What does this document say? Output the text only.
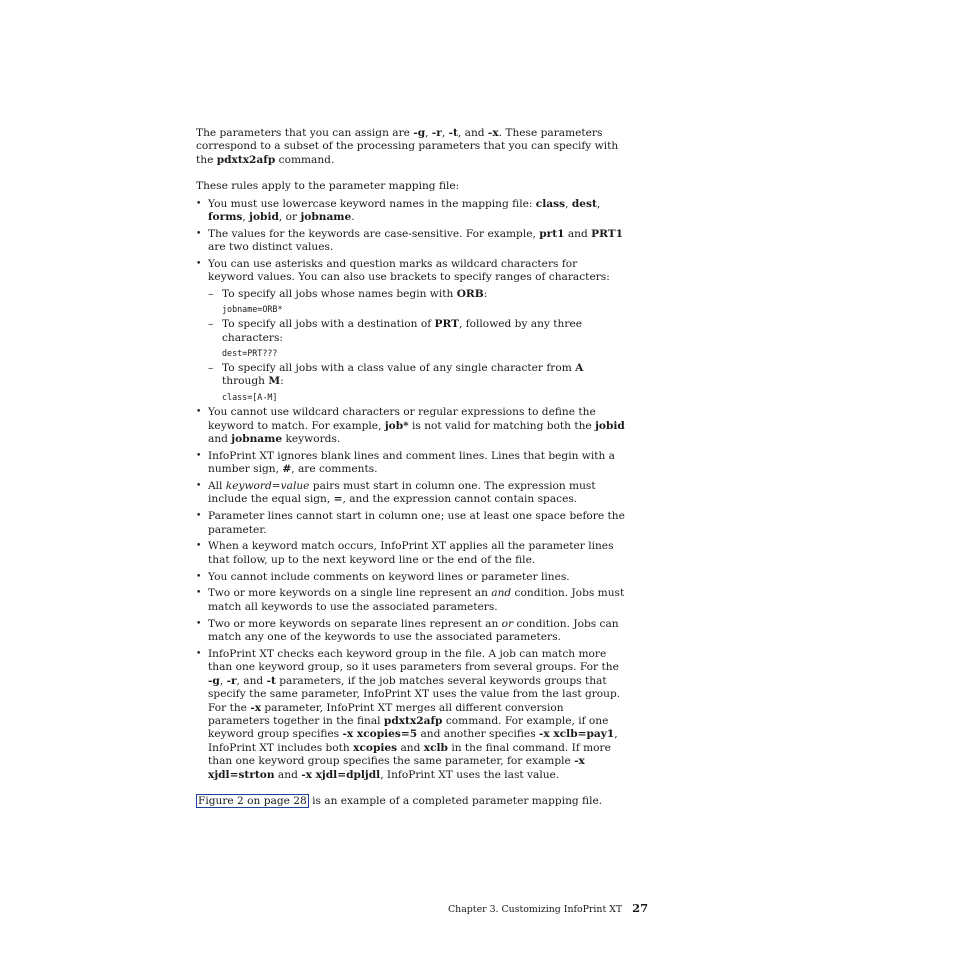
The parameters that you can assign are -g, -r, -t, and -x. These parameters correspond to a subset of the processing parameters that you can specify with the pdxtx2afp command.

These rules apply to the parameter mapping file:

• You must use lowercase keyword names in the mapping file: class, dest, forms, jobid, or jobname.
• The values for the keywords are case-sensitive. For example, prt1 and PRT1 are two distinct values.
• You can use asterisks and question marks as wildcard characters for keyword values. You can also use brackets to specify ranges of characters:
– To specify all jobs whose names begin with ORB:
jobname=ORB*
– To specify all jobs with a destination of PRT, followed by any three characters:
dest=PRT???
– To specify all jobs with a class value of any single character from A through M:
class=[A-M]
• You cannot use wildcard characters or regular expressions to define the keyword to match. For example, job* is not valid for matching both the jobid and jobname keywords.
• InfoPrint XT ignores blank lines and comment lines. Lines that begin with a number sign, #, are comments.
• All keyword=value pairs must start in column one. The expression must include the equal sign, =, and the expression cannot contain spaces.
• Parameter lines cannot start in column one; use at least one space before the parameter.
• When a keyword match occurs, InfoPrint XT applies all the parameter lines that follow, up to the next keyword line or the end of the file.
• You cannot include comments on keyword lines or parameter lines.
• Two or more keywords on a single line represent an and condition. Jobs must match all keywords to use the associated parameters.
• Two or more keywords on separate lines represent an or condition. Jobs can match any one of the keywords to use the associated parameters.
• InfoPrint XT checks each keyword group in the file. A job can match more than one keyword group, so it uses parameters from several groups. For the -g, -r, and -t parameters, if the job matches several keywords groups that specify the same parameter, InfoPrint XT uses the value from the last group. For the -x parameter, InfoPrint XT merges all different conversion parameters together in the final pdxtx2afp command. For example, if one keyword group specifies -x xcopies=5 and another specifies -x xclb=pay1, InfoPrint XT includes both xcopies and xclb in the final command. If more than one keyword group specifies the same parameter, for example -x xjdl=strton and -x xjdl=dpljdl, InfoPrint XT uses the last value.

Figure 2 on page 28 is an example of a completed parameter mapping file.

Chapter 3. Customizing InfoPrint XT 27
